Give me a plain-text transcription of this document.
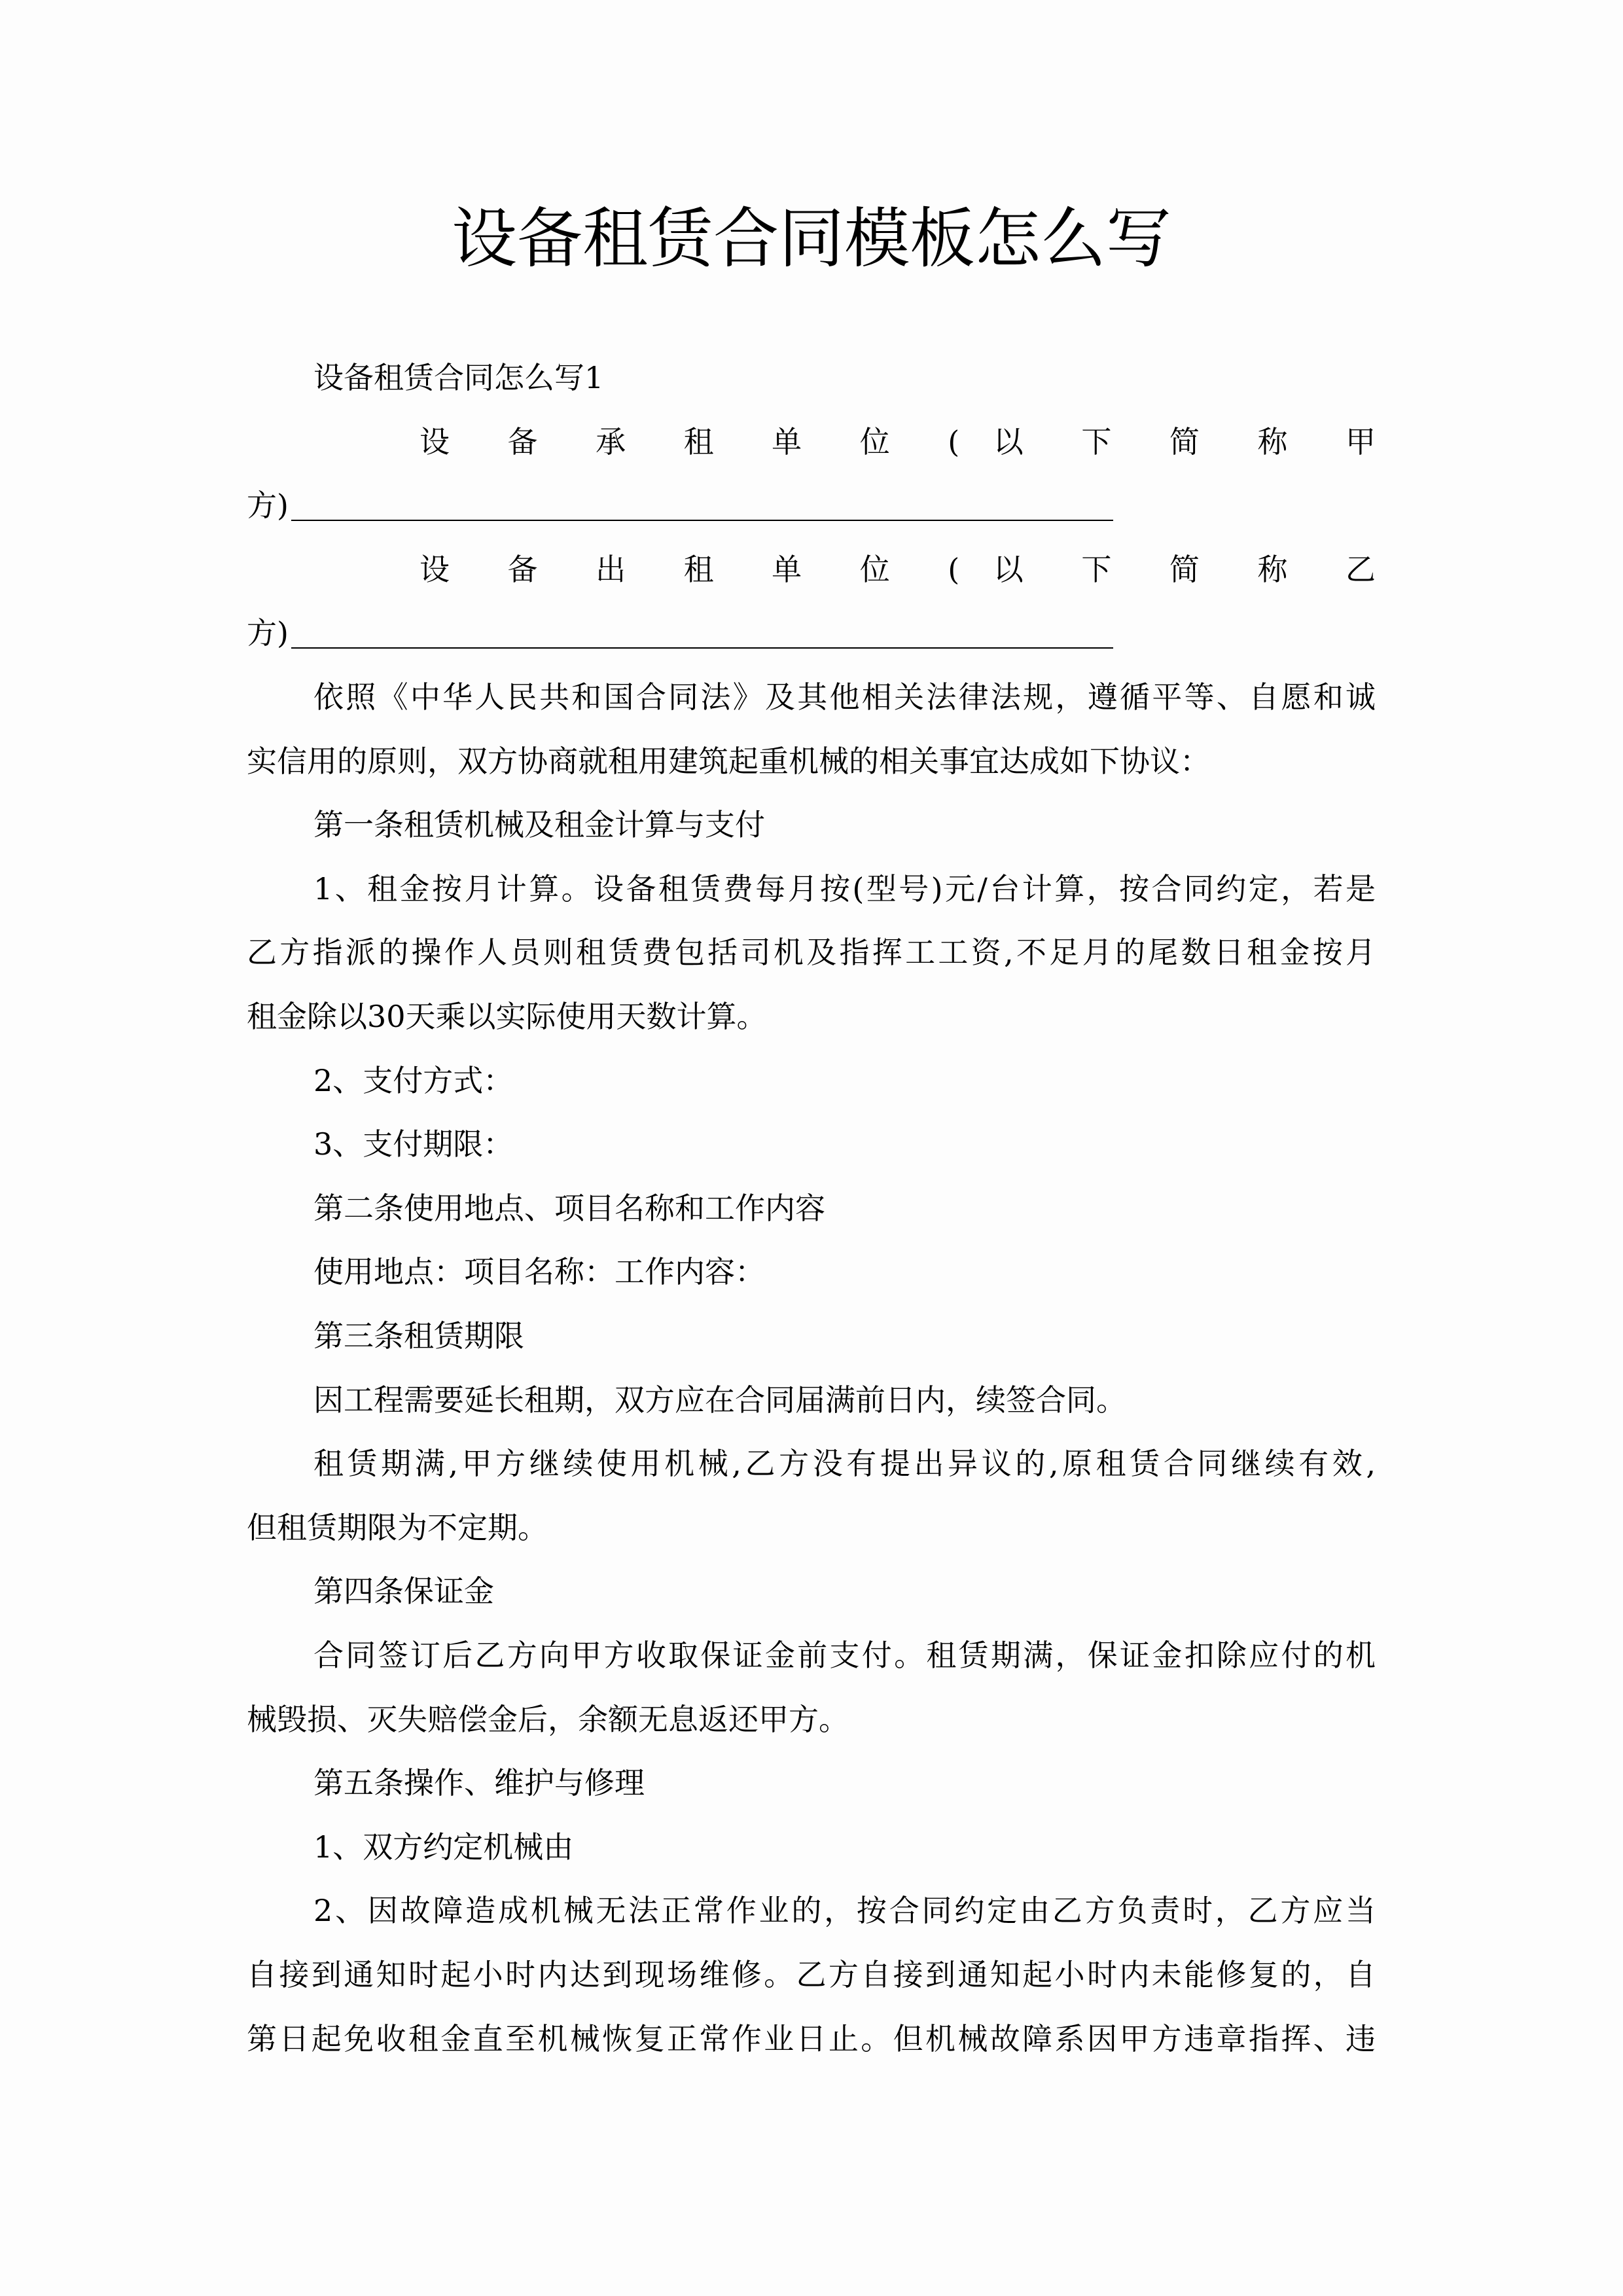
设备租赁合同模板怎么写
设备租赁合同怎么写1
设 备 承 租 单 位 ( 以 下 简 称 甲
方)
设 备 出 租 单 位 ( 以 下 简 称 乙
方)
依照《中华人民共和国合同法》及其他相关法律法规，遵循平等、自愿和诚
实信用的原则，双方协商就租用建筑起重机械的相关事宜达成如下协议：
第一条租赁机械及租金计算与支付
1、租金按月计算。设备租赁费每月按(型号)元/台计算，按合同约定，若是
乙方指派的操作人员则租赁费包括司机及指挥工工资,不足月的尾数日租金按月
租金除以30天乘以实际使用天数计算。
2、支付方式：
3、支付期限：
第二条使用地点、项目名称和工作内容
使用地点：项目名称：工作内容：
第三条租赁期限
因工程需要延长租期，双方应在合同届满前日内，续签合同。
租赁期满,甲方继续使用机械,乙方没有提出异议的,原租赁合同继续有效,
但租赁期限为不定期。
第四条保证金
合同签订后乙方向甲方收取保证金前支付。租赁期满，保证金扣除应付的机
械毁损、灭失赔偿金后，余额无息返还甲方。
第五条操作、维护与修理
1、双方约定机械由
2、因故障造成机械无法正常作业的，按合同约定由乙方负责时，乙方应当
自接到通知时起小时内达到现场维修。乙方自接到通知起小时内未能修复的，自
第日起免收租金直至机械恢复正常作业日止。但机械故障系因甲方违章指挥、违
